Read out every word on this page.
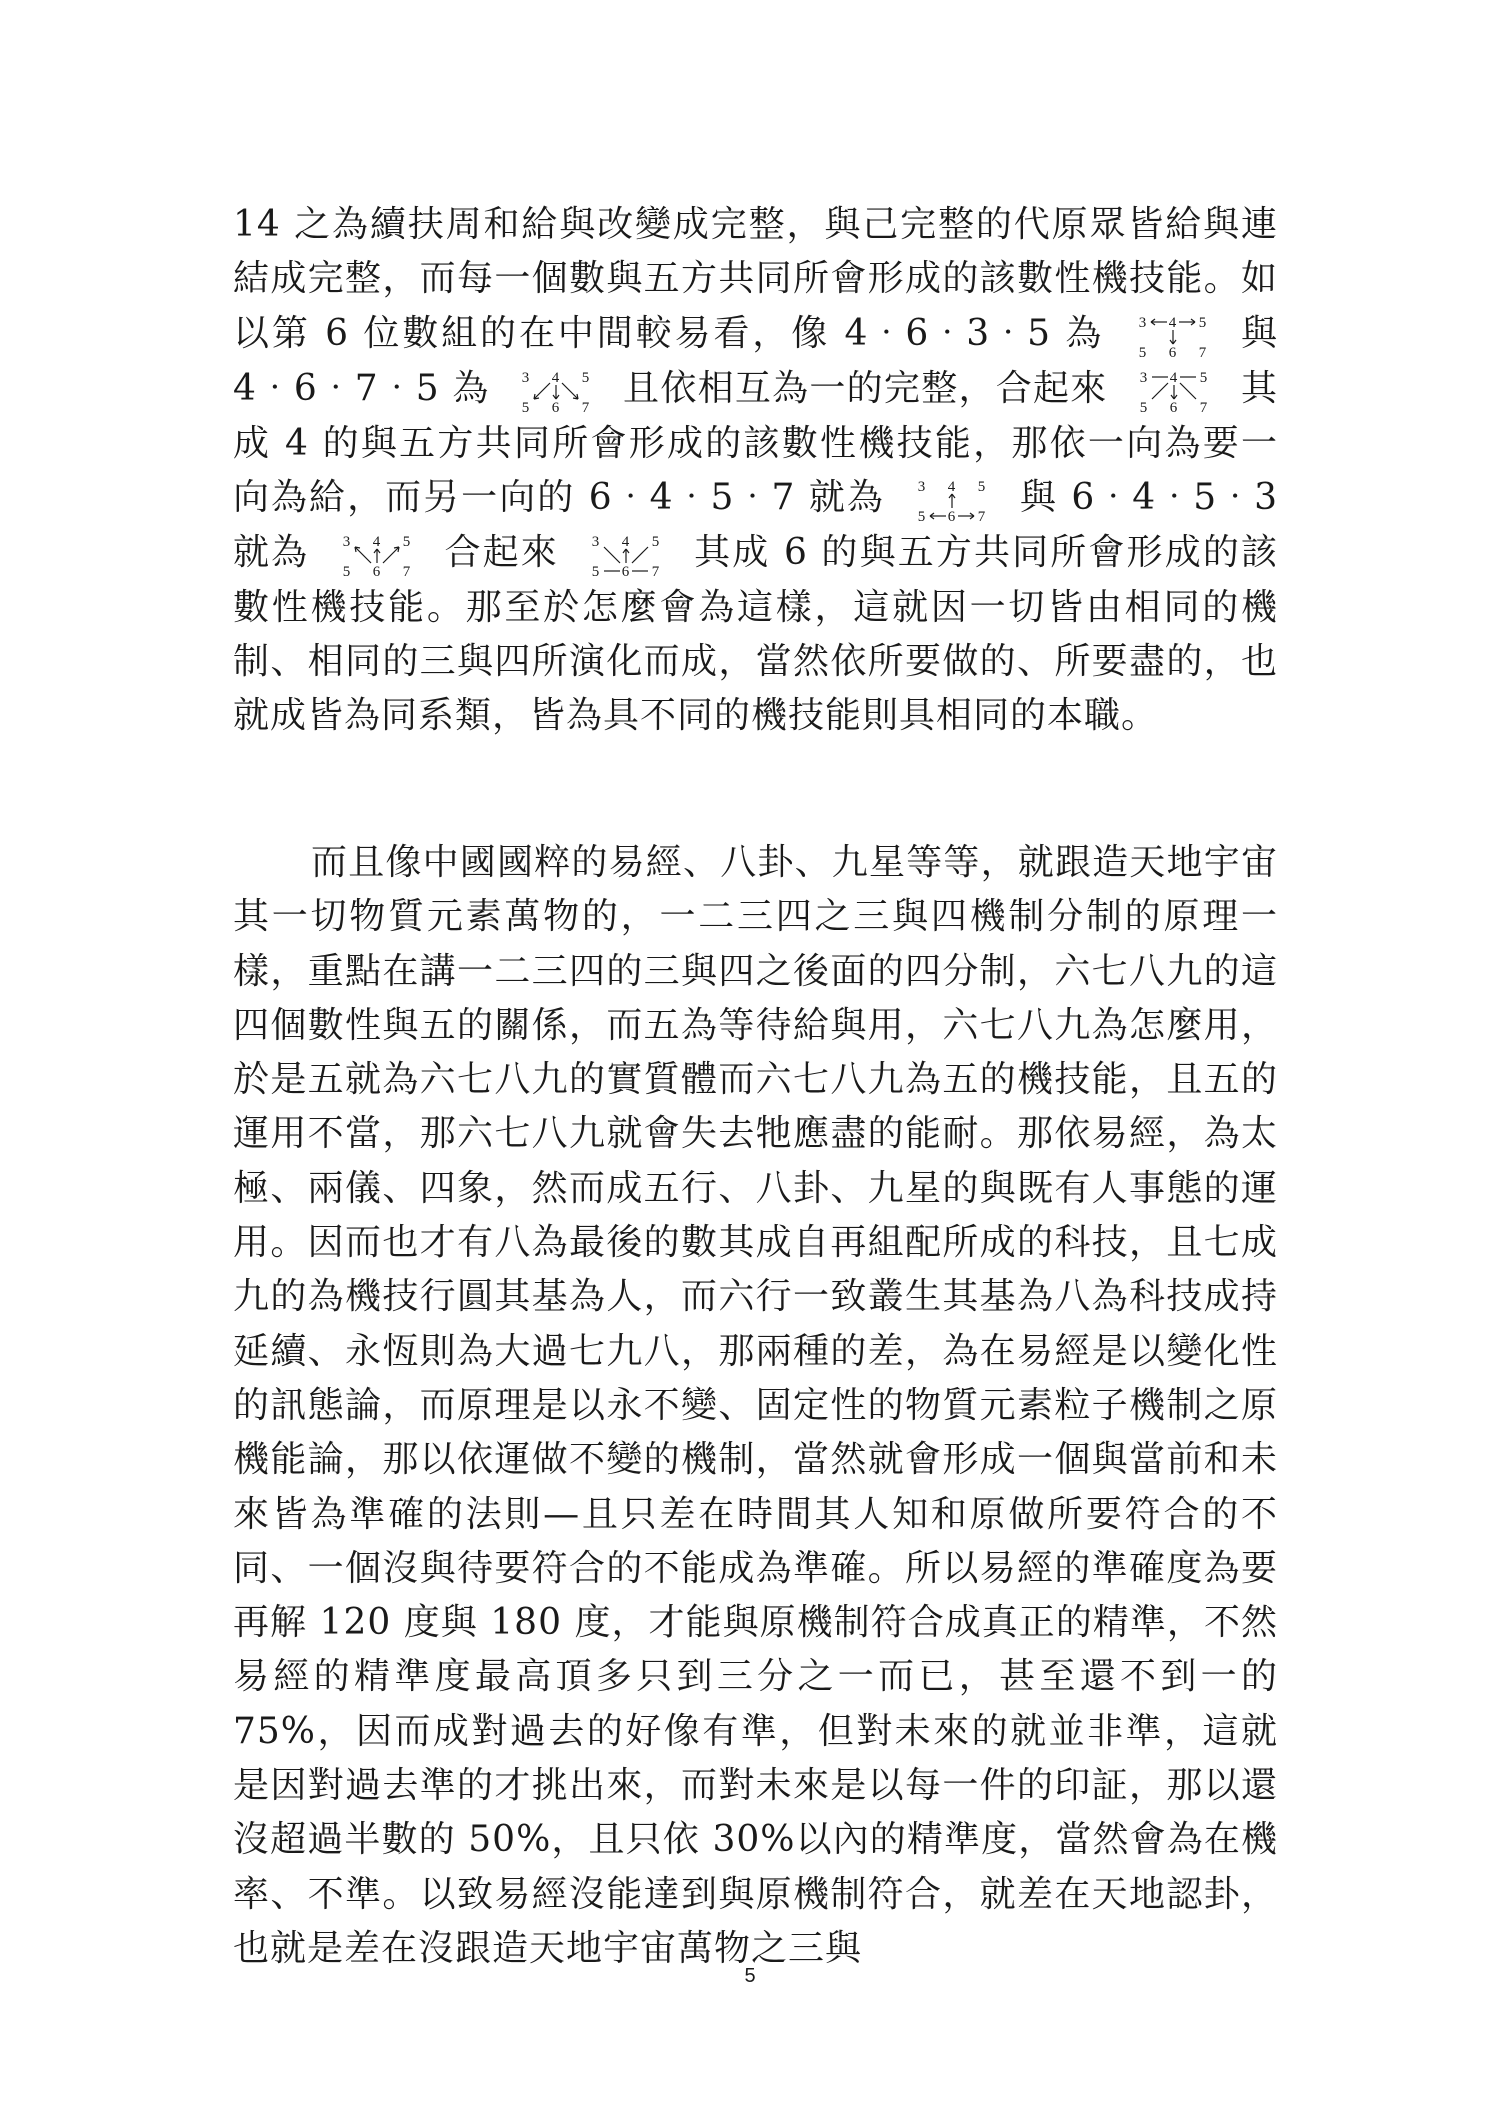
14 之為續扶周和給與改變成完整，與己完整的代原眾皆給與連結成完整，而每一個數與五方共同所會形成的該數性機技能。如以第 6 位數組的在中間較易看，像 4‧6‧3‧5 為 3 4 5
5 6 7 與 4‧6‧7‧5 為 3 4 5
5 6 7 且依相互為一的完整，合起來 3 4 5
5 6 7 其成 4 的與五方共同所會形成的該數性機技能，那依一向為要一向為給，而另一向的 6‧4‧5‧7 就為 3 4 5
5 6 7 與 6‧4‧5‧3 就為 3 4 5
5 6 7 合起來 3 4 5
5 6 7 其成 6 的與五方共同所會形成的該數性機技能。那至於怎麼會為這樣，這就因一切皆由相同的機制、相同的三與四所演化而成，當然依所要做的、所要盡的，也就成皆為同系類，皆為具不同的機技能則具相同的本職。
而且像中國國粹的易經、八卦、九星等等，就跟造天地宇宙其一切物質元素萬物的，一二三四之三與四機制分制的原理一樣，重點在講一二三四的三與四之後面的四分制，六七八九的這四個數性與五的關係，而五為等待給與用，六七八九為怎麼用，於是五就為六七八九的實質體而六七八九為五的機技能，且五的運用不當，那六七八九就會失去牠應盡的能耐。那依易經，為太極、兩儀、四象，然而成五行、八卦、九星的與既有人事態的運用。因而也才有八為最後的數其成自再組配所成的科技，且七成九的為機技行圓其基為人，而六行一致叢生其基為八為科技成持延續、永恆則為大過七九八，那兩種的差，為在易經是以變化性的訊態論，而原理是以永不變、固定性的物質元素粒子機制之原機能論，那以依運做不變的機制，當然就會形成一個與當前和未來皆為準確的法則—且只差在時間其人知和原做所要符合的不同、一個沒與待要符合的不能成為準確。所以易經的準確度為要再解 120 度與 180 度，才能與原機制符合成真正的精準，不然易經的精準度最高頂多只到三分之一而已，甚至還不到一的 75%，因而成對過去的好像有準，但對未來的就並非準，這就是因對過去準的才挑出來，而對未來是以每一件的印証，那以還沒超過半數的 50%，且只依 30%以內的精準度，當然會為在機率、不準。以致易經沒能達到與原機制符合，就差在天地認卦，也就是差在沒跟造天地宇宙萬物之三與
5
